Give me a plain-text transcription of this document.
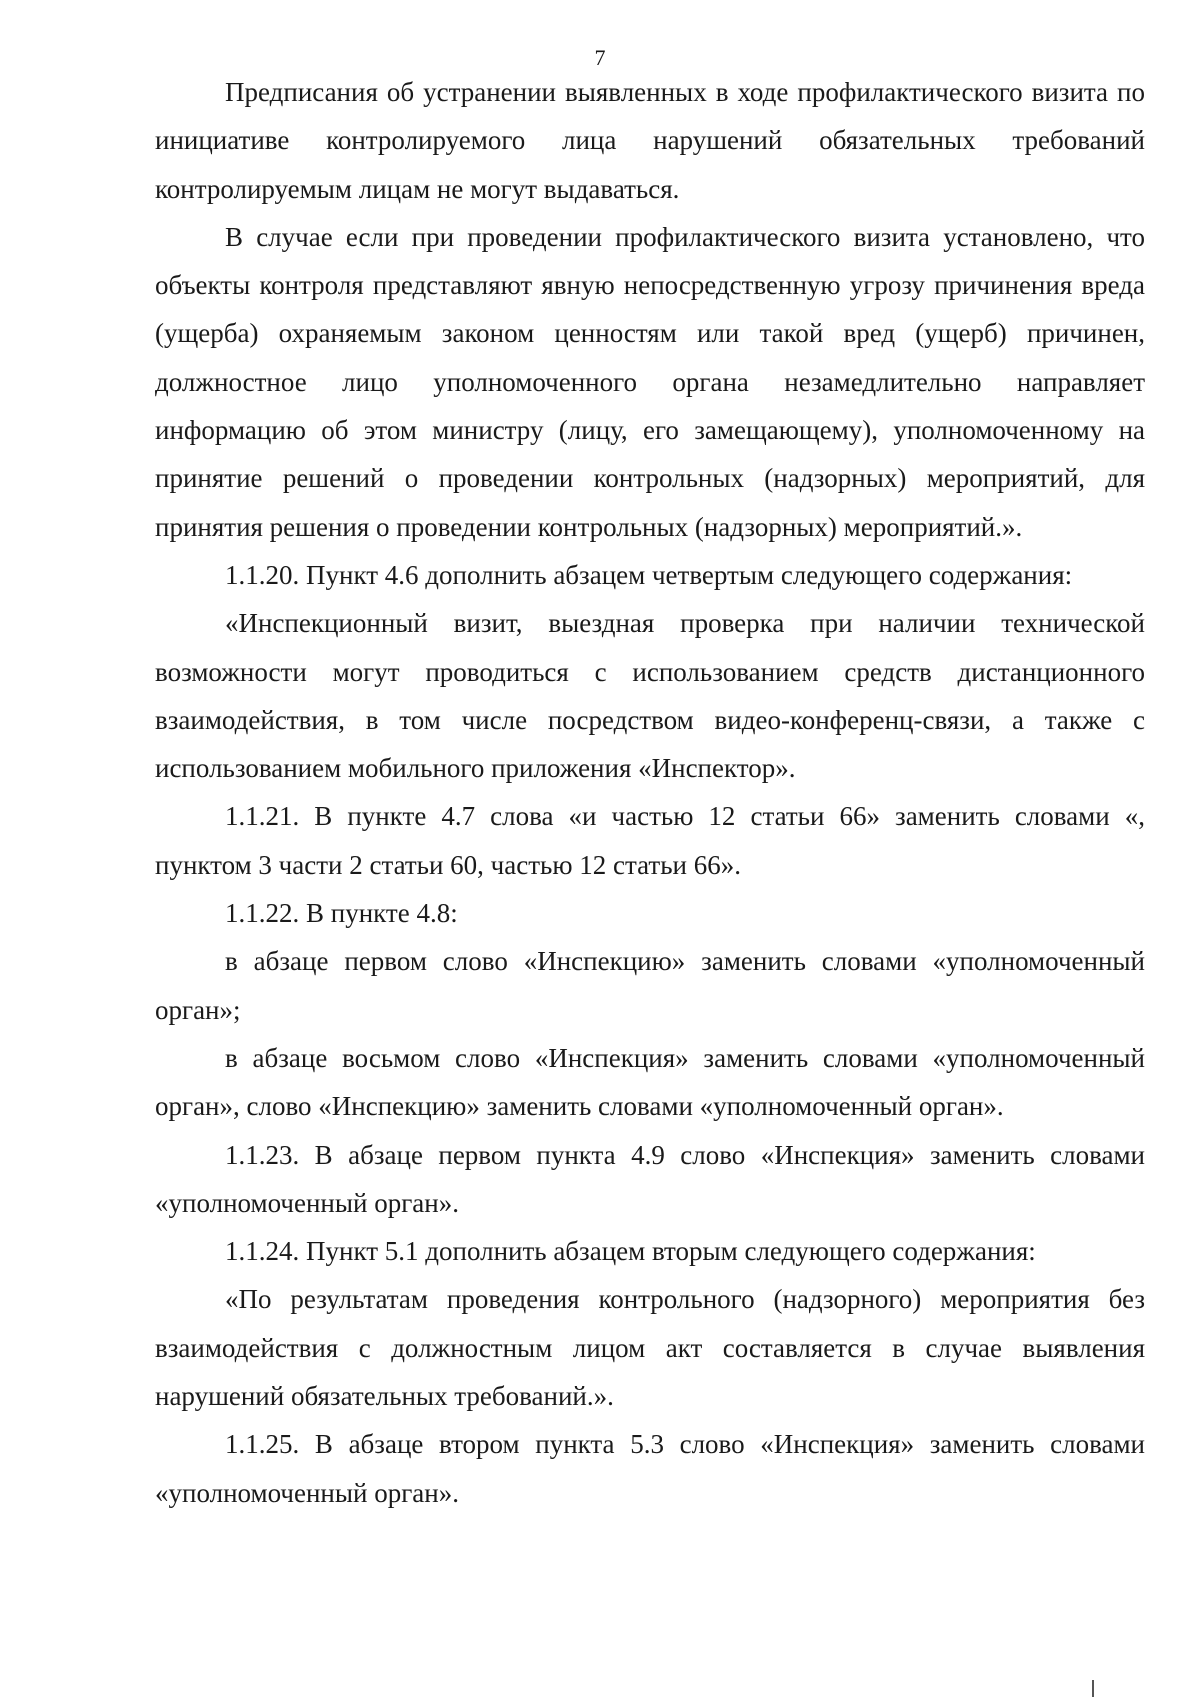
7

Предписания об устранении выявленных в ходе профилактического визита по инициативе контролируемого лица нарушений обязательных требований контролируемым лицам не могут выдаваться.

В случае если при проведении профилактического визита установлено, что объекты контроля представляют явную непосредственную угрозу причинения вреда (ущерба) охраняемым законом ценностям или такой вред (ущерб) причинен, должностное лицо уполномоченного органа незамедлительно направляет информацию об этом министру (лицу, его замещающему), уполномоченному на принятие решений о проведении контрольных (надзорных) мероприятий, для принятия решения о проведении контрольных (надзорных) мероприятий.».

1.1.20. Пункт 4.6 дополнить абзацем четвертым следующего содержания:

«Инспекционный визит, выездная проверка при наличии технической возможности могут проводиться с использованием средств дистанционного взаимодействия, в том числе посредством видео-конференц-связи, а также с использованием мобильного приложения «Инспектор».

1.1.21. В пункте 4.7 слова «и частью 12 статьи 66» заменить словами «, пунктом 3 части 2 статьи 60, частью 12 статьи 66».

1.1.22. В пункте 4.8:

в абзаце первом слово «Инспекцию» заменить словами «уполномоченный орган»;

в абзаце восьмом слово «Инспекция» заменить словами «уполномоченный орган», слово «Инспекцию» заменить словами «уполномоченный орган».

1.1.23. В абзаце первом пункта 4.9 слово «Инспекция» заменить словами «уполномоченный орган».

1.1.24. Пункт 5.1 дополнить абзацем вторым следующего содержания:

«По результатам проведения контрольного (надзорного) мероприятия без взаимодействия с должностным лицом акт составляется в случае выявления нарушений обязательных требований.».

1.1.25. В абзаце втором пункта 5.3 слово «Инспекция» заменить словами «уполномоченный орган».
